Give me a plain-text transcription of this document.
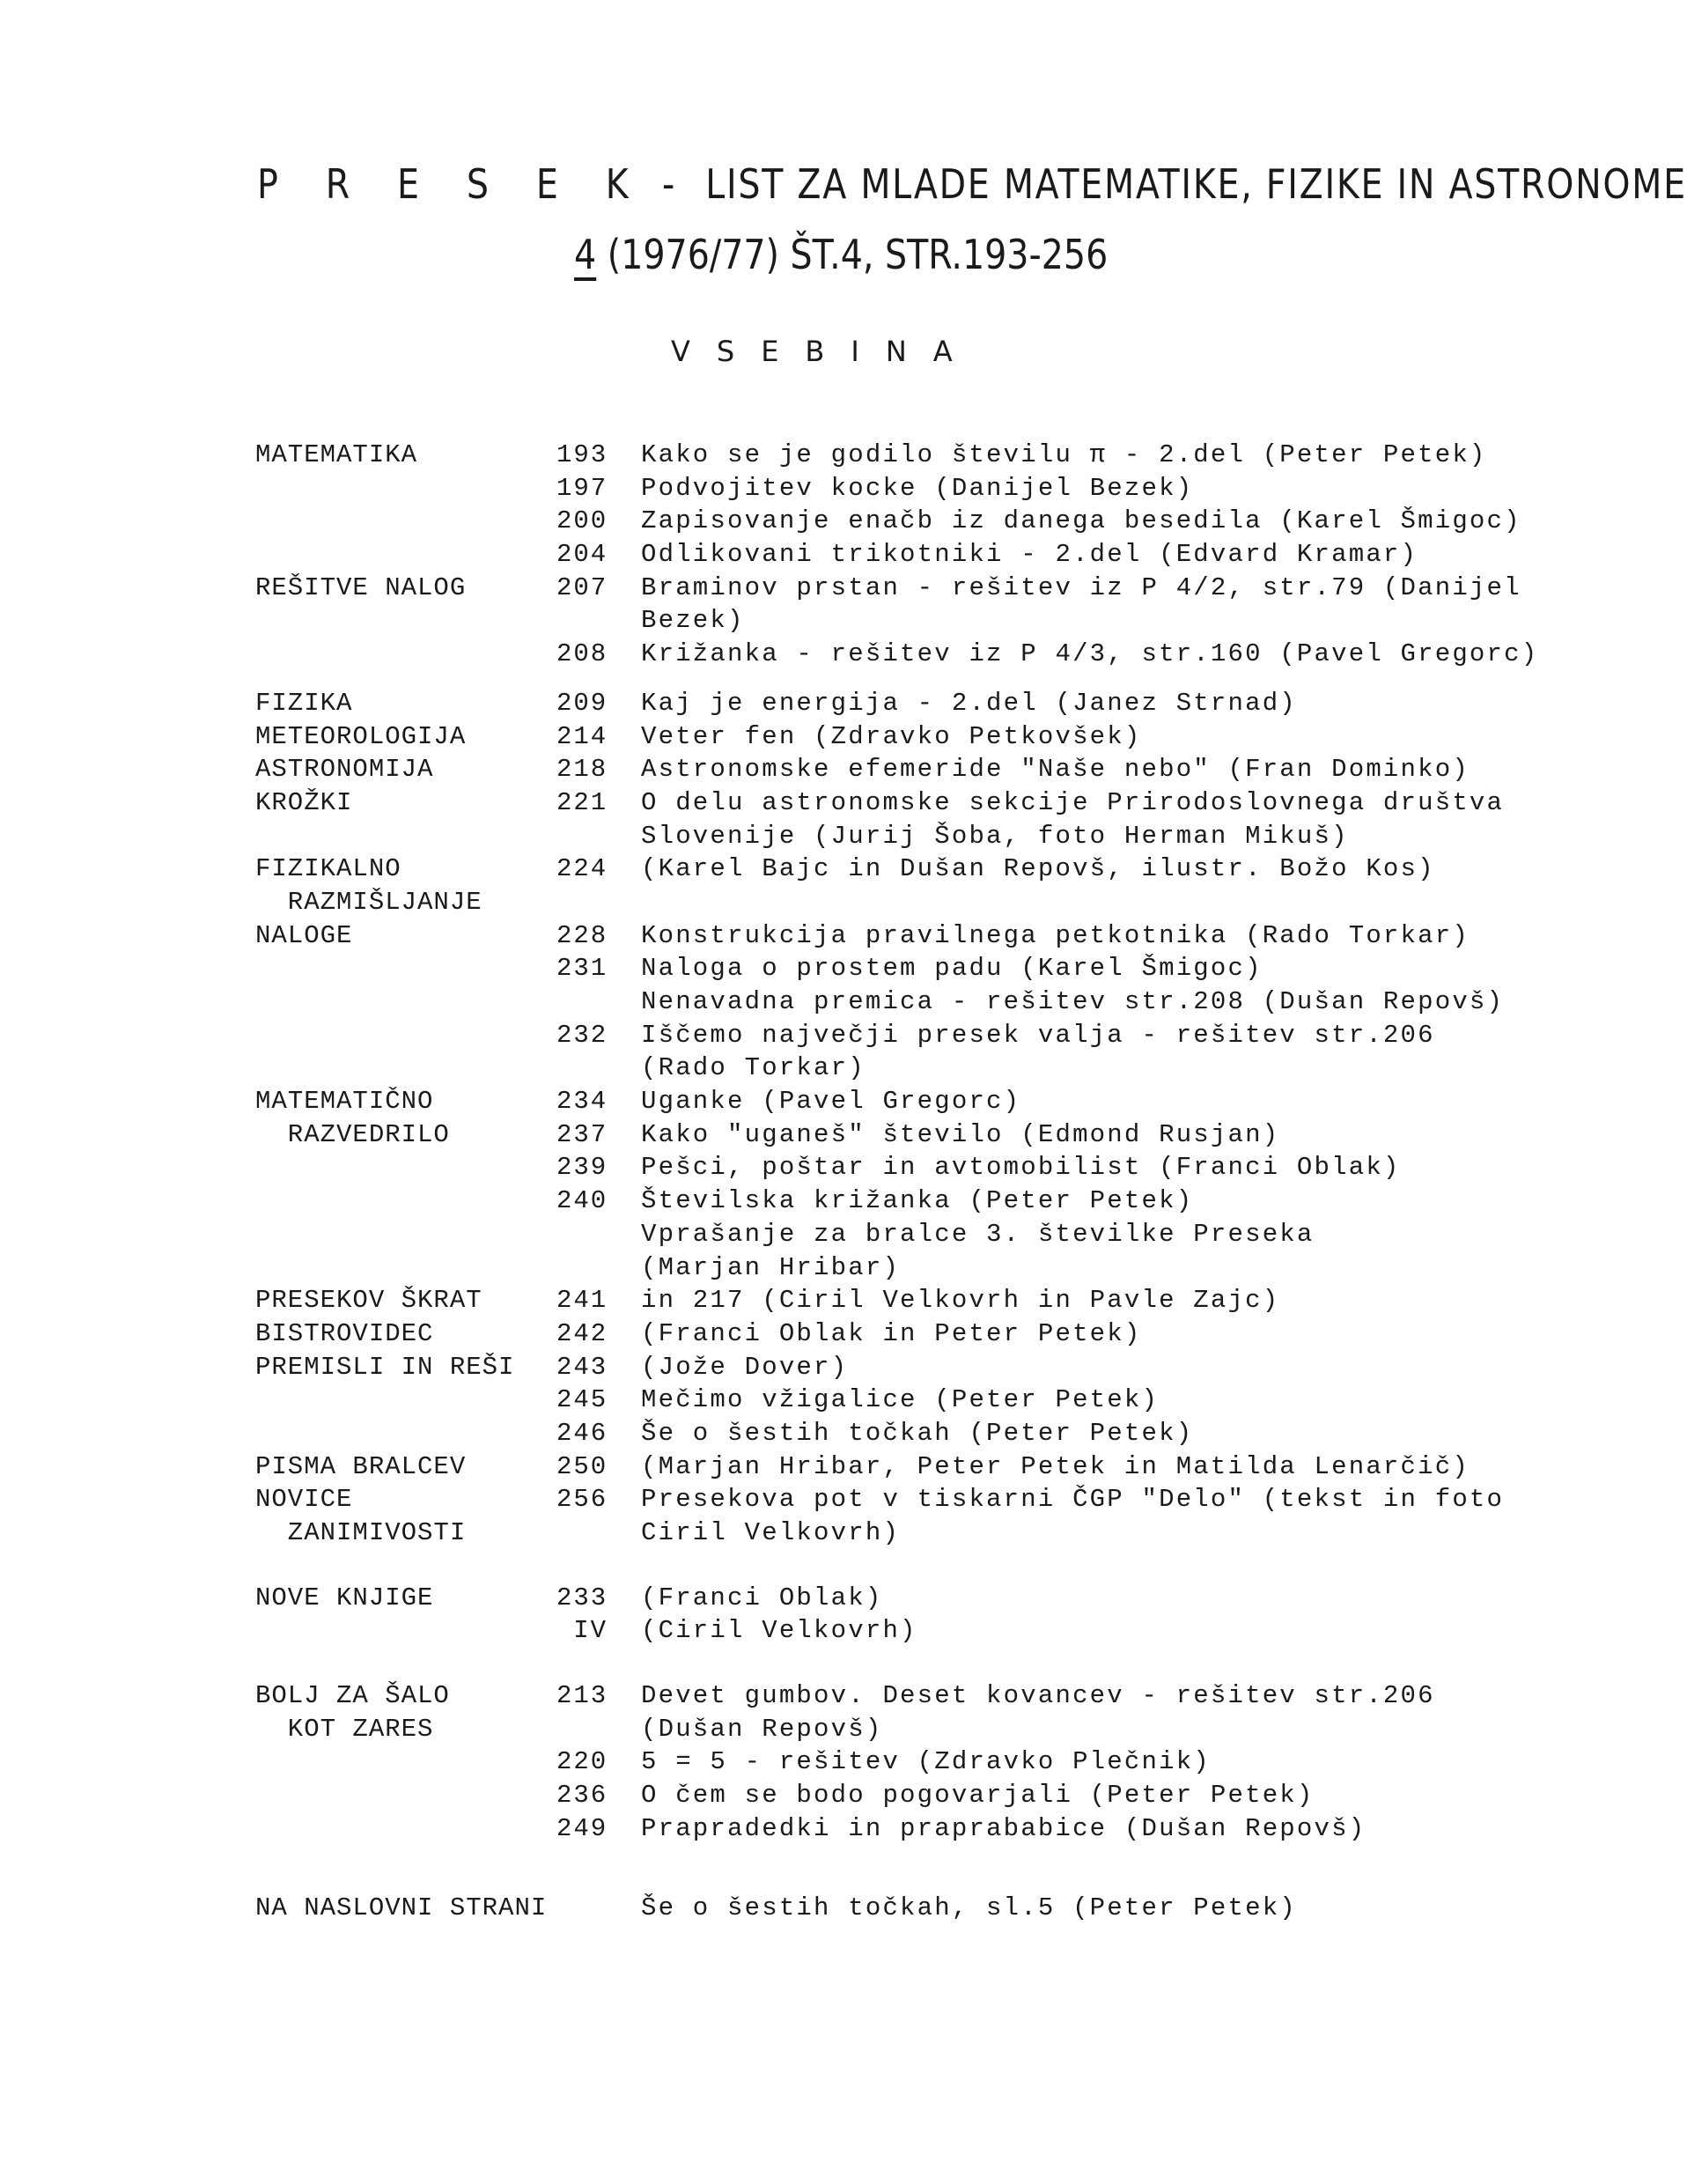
P R E S E K - LIST ZA MLADE MATEMATIKE, FIZIKE IN ASTRONOME
4 (1976/77) ŠT.4, STR.193-256
VSEBINA
MATEMATIKA	193 Kako se je godilo številu π - 2.del (Peter Petek)
197 Podvojitev kocke (Danijel Bezek)
200 Zapisovanje enačb iz danega besedila (Karel Šmigoc)
204 Odlikovani trikotniki - 2.del (Edvard Kramar)
REŠITVE NALOG	207 Braminov prstan - rešitev iz P 4/2, str.79 (Danijel
Bezek)
208 Križanka - rešitev iz P 4/3, str.160 (Pavel Gregorc)
FIZIKA	209 Kaj je energija - 2.del (Janez Strnad)
METEOROLOGIJA	214 Veter fen (Zdravko Petkovšek)
ASTRONOMIJA	218 Astronomske efemeride "Naše nebo" (Fran Dominko)
KROŽKI	221 O delu astronomske sekcije Prirodoslovnega društva
Slovenije (Jurij Šoba, foto Herman Mikuš)
FIZIKALNO	224 (Karel Bajc in Dušan Repovš, ilustr. Božo Kos)
RAZMIŠLJANJE
NALOGE	228 Konstrukcija pravilnega petkotnika (Rado Torkar)
231 Naloga o prostem padu (Karel Šmigoc)
Nenavadna premica - rešitev str.208 (Dušan Repovš)
232 Iščemo največji presek valja - rešitev str.206
(Rado Torkar)
MATEMATIČNO	234 Uganke (Pavel Gregorc)
RAZVEDRILO	237 Kako "uganeš" število (Edmond Rusjan)
239 Pešci, poštar in avtomobilist (Franci Oblak)
240 Številska križanka (Peter Petek)
Vprašanje za bralce 3. številke Preseka
(Marjan Hribar)
PRESEKOV ŠKRAT	241 in 217 (Ciril Velkovrh in Pavle Zajc)
BISTROVIDEC	242 (Franci Oblak in Peter Petek)
PREMISLI IN REŠI 243 (Jože Dover)
245 Mečimo vžigalice (Peter Petek)
246 Še o šestih točkah (Peter Petek)
PISMA BRALCEV	250 (Marjan Hribar, Peter Petek in Matilda Lenarčič)
NOVICE	256 Presekova pot v tiskarni ČGP "Delo" (tekst in foto
ZANIMIVOSTI	Ciril Velkovrh)
NOVE KNJIGE	233 (Franci Oblak)
IV (Ciril Velkovrh)
BOLJ ZA ŠALO	213 Devet gumbov. Deset kovancev - rešitev str.206
KOT ZARES	(Dušan Repovš)
220 5 = 5 - rešitev (Zdravko Plečnik)
236 O čem se bodo pogovarjali (Peter Petek)
249 Prapradedki in praprababice (Dušan Repovš)
NA NASLOVNI STRANI	Še o šestih točkah, sl.5 (Peter Petek)
